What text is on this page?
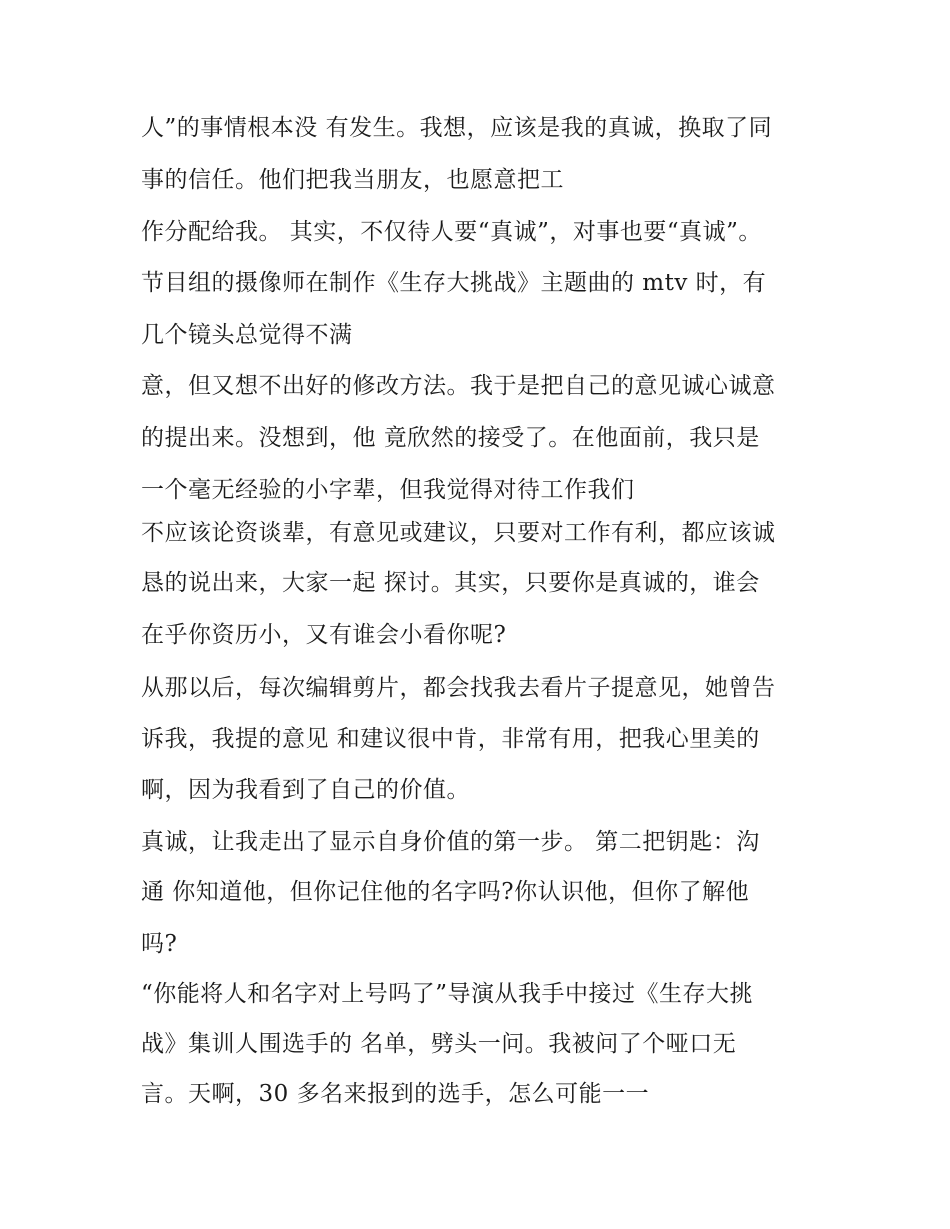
人”的事情根本没 有发生。我想，应该是我的真诚，换取了同

事的信任。他们把我当朋友，也愿意把工

作分配给我。 其实，不仅待人要“真诚”，对事也要“真诚”。

节目组的摄像师在制作《生存大挑战》主题曲的 mtv 时，有

几个镜头总觉得不满

意，但又想不出好的修改方法。我于是把自己的意见诚心诚意

的提出来。没想到，他 竟欣然的接受了。在他面前，我只是

一个毫无经验的小字辈，但我觉得对待工作我们

不应该论资谈辈，有意见或建议，只要对工作有利，都应该诚

恳的说出来，大家一起 探讨。其实，只要你是真诚的，谁会

在乎你资历小，又有谁会小看你呢?

从那以后，每次编辑剪片，都会找我去看片子提意见，她曾告

诉我，我提的意见 和建议很中肯，非常有用，把我心里美的

啊，因为我看到了自己的价值。

真诚，让我走出了显示自身价值的第一步。 第二把钥匙：沟

通 你知道他，但你记住他的名字吗?你认识他，但你了解他

吗?

“你能将人和名字对上号吗了”导演从我手中接过《生存大挑

战》集训人围选手的 名单，劈头一问。我被问了个哑口无

言。天啊，30 多名来报到的选手，怎么可能一一
